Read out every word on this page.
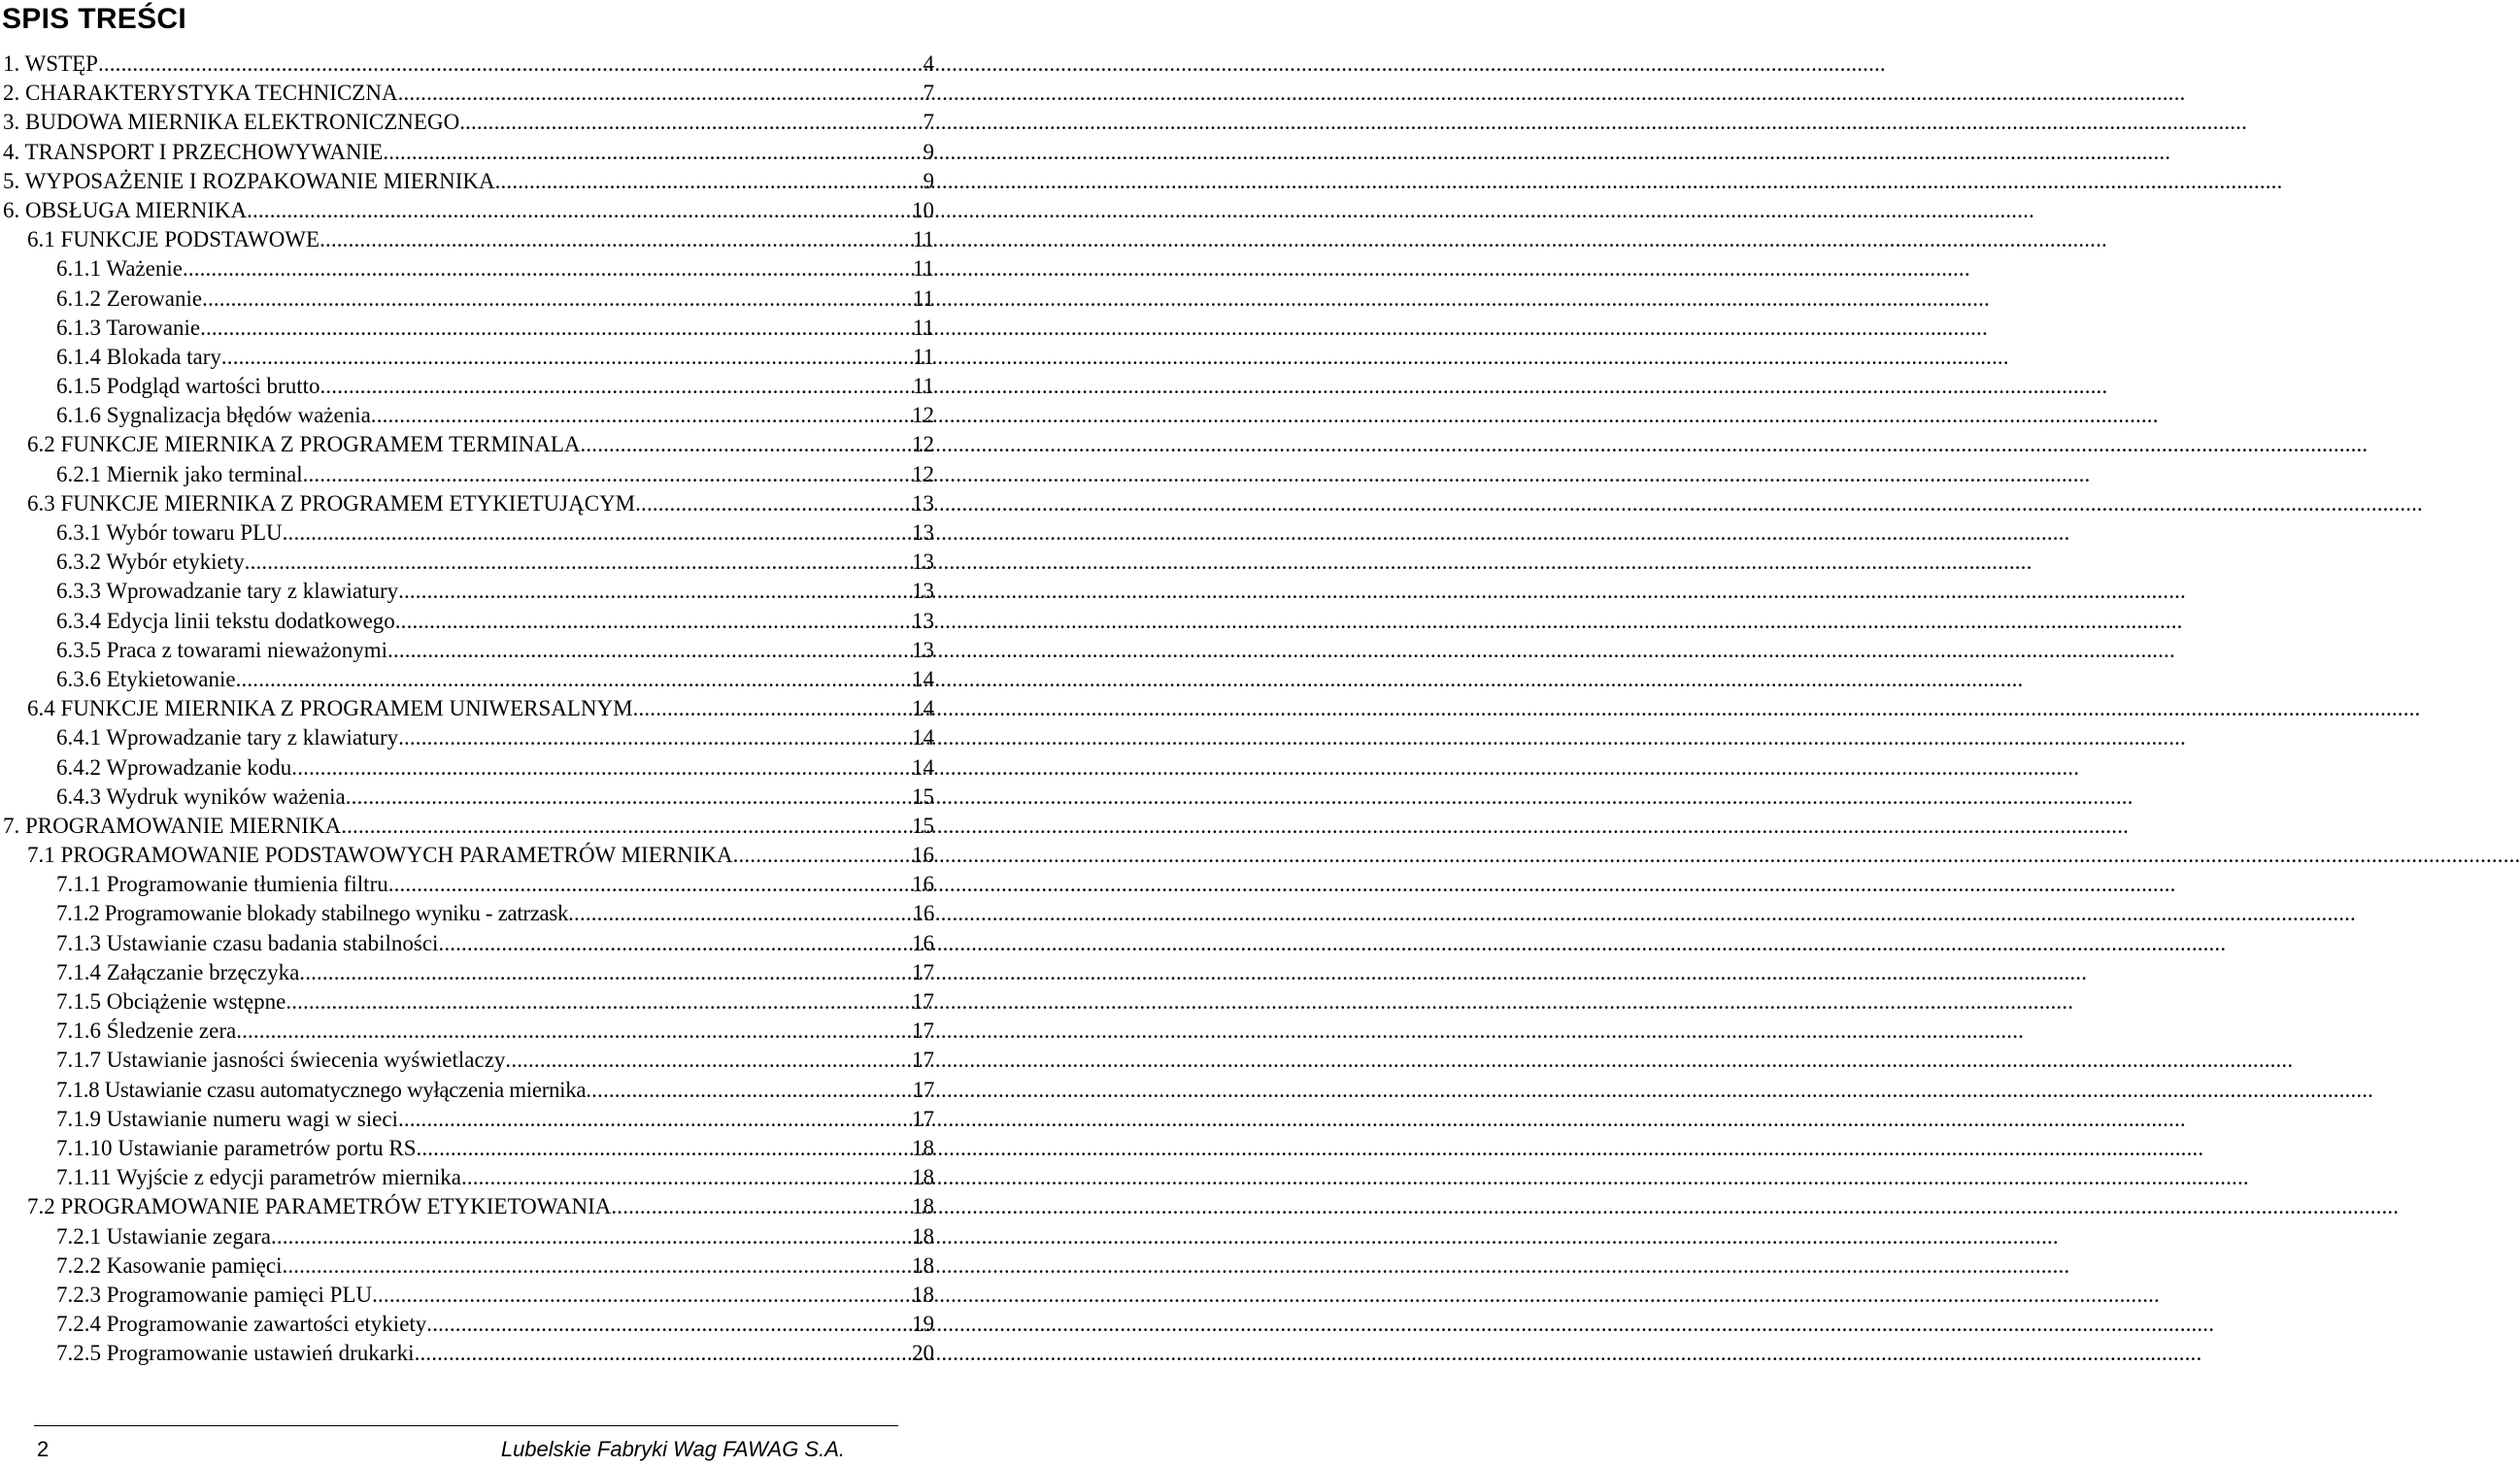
SPIS TREŚCI
1. WSTĘP .....	4
2. CHARAKTERYSTYKA TECHNICZNA .....	7
3. BUDOWA MIERNIKA ELEKTRONICZNEGO .....	7
4. TRANSPORT I PRZECHOWYWANIE .....	9
5. WYPOSAŻENIE I ROZPAKOWANIE MIERNIKA .....	9
6. OBSŁUGA MIERNIKA .....	10
6.1 FUNKCJE PODSTAWOWE .....	11
6.1.1 Ważenie .....	11
6.1.2 Zerowanie .....	11
6.1.3 Tarowanie .....	11
6.1.4 Blokada tary .....	11
6.1.5 Podgląd wartości brutto .....	11
6.1.6 Sygnalizacja błędów ważenia .....	12
6.2 FUNKCJE MIERNIKA Z PROGRAMEM TERMINALA .....	12
6.2.1 Miernik jako terminal .....	12
6.3 FUNKCJE MIERNIKA Z PROGRAMEM ETYKIETUJĄCYM .....	13
6.3.1 Wybór towaru PLU .....	13
6.3.2 Wybór etykiety .....	13
6.3.3 Wprowadzanie tary z klawiatury .....	13
6.3.4 Edycja linii tekstu dodatkowego .....	13
6.3.5 Praca z towarami nieważonymi .....	13
6.3.6 Etykietowanie .....	14
6.4 FUNKCJE MIERNIKA Z PROGRAMEM UNIWERSALNYM .....	14
6.4.1 Wprowadzanie tary z klawiatury .....	14
6.4.2 Wprowadzanie kodu .....	14
6.4.3 Wydruk wyników ważenia .....	15
7. PROGRAMOWANIE MIERNIKA .....	15
7.1 PROGRAMOWANIE PODSTAWOWYCH PARAMETRÓW MIERNIKA .....	16
7.1.1 Programowanie tłumienia filtru .....	16
7.1.2 Programowanie blokady stabilnego wyniku - zatrzask .....	16
7.1.3 Ustawianie czasu badania stabilności .....	16
7.1.4 Załączanie brzęczyka .....	17
7.1.5 Obciążenie wstępne .....	17
7.1.6 Śledzenie zera .....	17
7.1.7 Ustawianie jasności świecenia wyświetlaczy .....	17
7.1.8 Ustawianie czasu automatycznego wyłączenia miernika .....	17
7.1.9 Ustawianie numeru wagi w sieci .....	17
7.1.10 Ustawianie parametrów portu RS .....	18
7.1.11 Wyjście z edycji parametrów miernika .....	18
7.2 PROGRAMOWANIE PARAMETRÓW ETYKIETOWANIA .....	18
7.2.1 Ustawianie zegara .....	18
7.2.2 Kasowanie pamięci .....	18
7.2.3 Programowanie pamięci PLU .....	18
7.2.4 Programowanie zawartości etykiety .....	19
7.2.5 Programowanie ustawień drukarki .....	20
2	Lubelskie Fabryki Wag FAWAG S.A.
